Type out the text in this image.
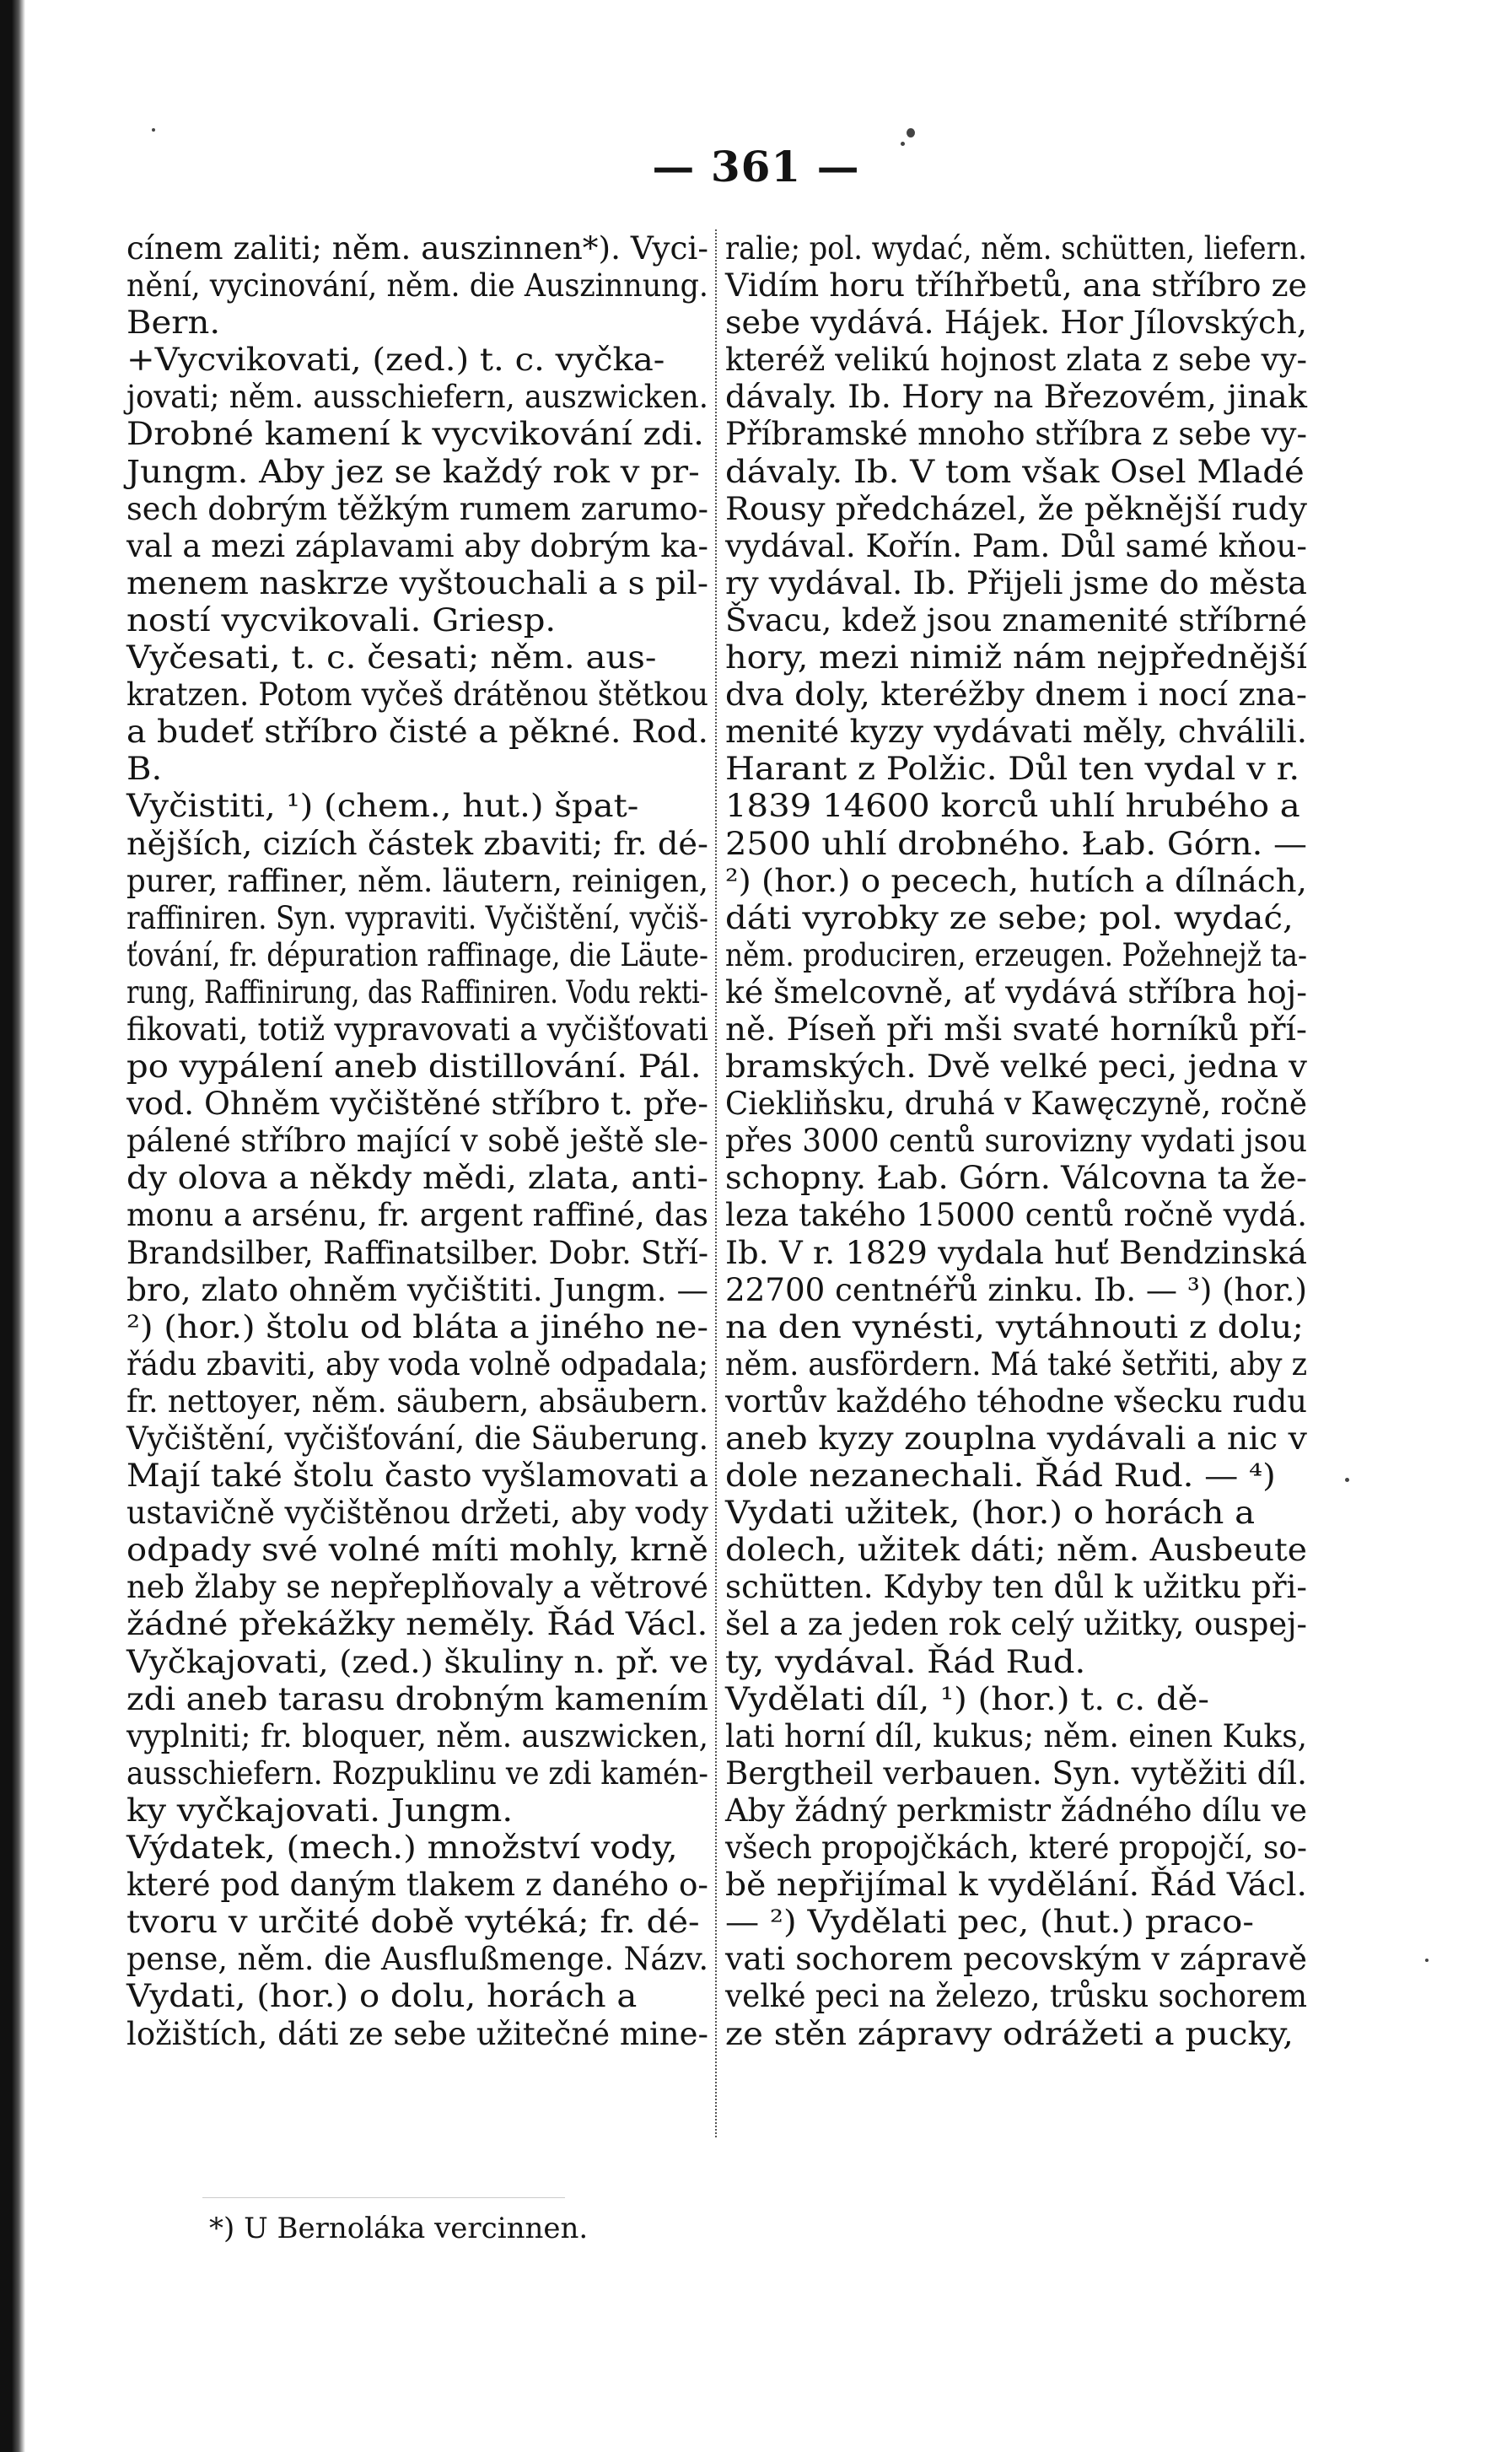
— 361 —
cínem zaliti; něm. auszinnen*). Vyci-
nění, vycinování, něm. die Auszinnung.
Bern.
+Vycvikovati, (zed.) t. c. vyčka-
jovati; něm. ausschiefern, auszwicken.
Drobné kamení k vycvikování zdi.
Jungm. Aby jez se každý rok v pr-
sech dobrým těžkým rumem zarumo-
val a mezi záplavami aby dobrým ka-
menem naskrze vyštouchali a s pil-
ností vycvikovali. Griesp.
Vyčesati, t. c. česati; něm. aus-
kratzen. Potom vyčeš drátěnou štětkou
a budeť stříbro čisté a pěkné. Rod.
B.
Vyčistiti, ¹) (chem., hut.) špat-
nějších, cizích částek zbaviti; fr. dé-
purer, raffiner, něm. läutern, reinigen,
raffiniren. Syn. vypraviti. Vyčištění, vyčiš-
ťování, fr. dépuration raffinage, die Läute-
rung, Raffinirung, das Raffiniren. Vodu rekti-
fikovati, totiž vypravovati a vyčišťovati
po vypálení aneb distillování. Pál.
vod. Ohněm vyčištěné stříbro t. pře-
pálené stříbro mající v sobě ještě sle-
dy olova a někdy mědi, zlata, anti-
monu a arsénu, fr. argent raffiné, das
Brandsilber, Raffinatsilber. Dobr. Stří-
bro, zlato ohněm vyčištiti. Jungm. —
²) (hor.) štolu od bláta a jiného ne-
řádu zbaviti, aby voda volně odpadala;
fr. nettoyer, něm. säubern, absäubern.
Vyčištění, vyčišťování, die Säuberung.
Mají také štolu často vyšlamovati a
ustavičně vyčištěnou držeti, aby vody
odpady své volné míti mohly, krně
neb žlaby se nepřeplňovaly a větrové
žádné překážky neměly. Řád Václ.
Vyčkajovati, (zed.) škuliny n. př. ve
zdi aneb tarasu drobným kamením
vyplniti; fr. bloquer, něm. auszwicken,
ausschiefern. Rozpuklinu ve zdi kamén-
ky vyčkajovati. Jungm.
Výdatek, (mech.) množství vody,
které pod daným tlakem z daného o-
tvoru v určité době vytéká; fr. dé-
pense, něm. die Ausflußmenge. Názv.
Vydati, (hor.) o dolu, horách a
ložištích, dáti ze sebe užitečné mine-
ralie; pol. wydać, něm. schütten, liefern.
Vidím horu tříhřbetů, ana stříbro ze
sebe vydává. Hájek. Hor Jílovských,
kteréž velikú hojnost zlata z sebe vy-
dávaly. Ib. Hory na Březovém, jinak
Příbramské mnoho stříbra z sebe vy-
dávaly. Ib. V tom však Osel Mladé
Rousy předcházel, že pěknější rudy
vydával. Kořín. Pam. Důl samé kňou-
ry vydával. Ib. Přijeli jsme do města
Švacu, kdež jsou znamenité stříbrné
hory, mezi nimiž nám nejpřednější
dva doly, kteréžby dnem i nocí zna-
menité kyzy vydávati měly, chválili.
Harant z Polžic. Důl ten vydal v r.
1839 14600 korců uhlí hrubého a
2500 uhlí drobného. Łab. Górn. —
²) (hor.) o pecech, hutích a dílnách,
dáti vyrobky ze sebe; pol. wydać,
něm. produciren, erzeugen. Požehnejž ta-
ké šmelcovně, ať vydává stříbra hoj-
ně. Píseň při mši svaté horníků pří-
bramských. Dvě velké peci, jedna v
Ciekliňsku, druhá v Kawęczyně, ročně
přes 3000 centů surovizny vydati jsou
schopny. Łab. Górn. Válcovna ta že-
leza takého 15000 centů ročně vydá.
Ib. V r. 1829 vydala huť Bendzinská
22700 centnéřů zinku. Ib. — ³) (hor.)
na den vynésti, vytáhnouti z dolu;
něm. ausfördern. Má také šetřiti, aby z
vortův každého téhodne všecku rudu
aneb kyzy zouplna vydávali a nic v
dole nezanechali. Řád Rud. — ⁴)
Vydati užitek, (hor.) o horách a
dolech, užitek dáti; něm. Ausbeute
schütten. Kdyby ten důl k užitku při-
šel a za jeden rok celý užitky, ouspej-
ty, vydával. Řád Rud.
Vydělati díl, ¹) (hor.) t. c. dě-
lati horní díl, kukus; něm. einen Kuks,
Bergtheil verbauen. Syn. vytěžiti díl.
Aby žádný perkmistr žádného dílu ve
všech propojčkách, které propojčí, so-
bě nepřijímal k vydělání. Řád Václ.
— ²) Vydělati pec, (hut.) praco-
vati sochorem pecovským v zápravě
velké peci na železo, trůsku sochorem
ze stěn zápravy odrážeti a pucky,
*) U Bernoláka vercinnen.
